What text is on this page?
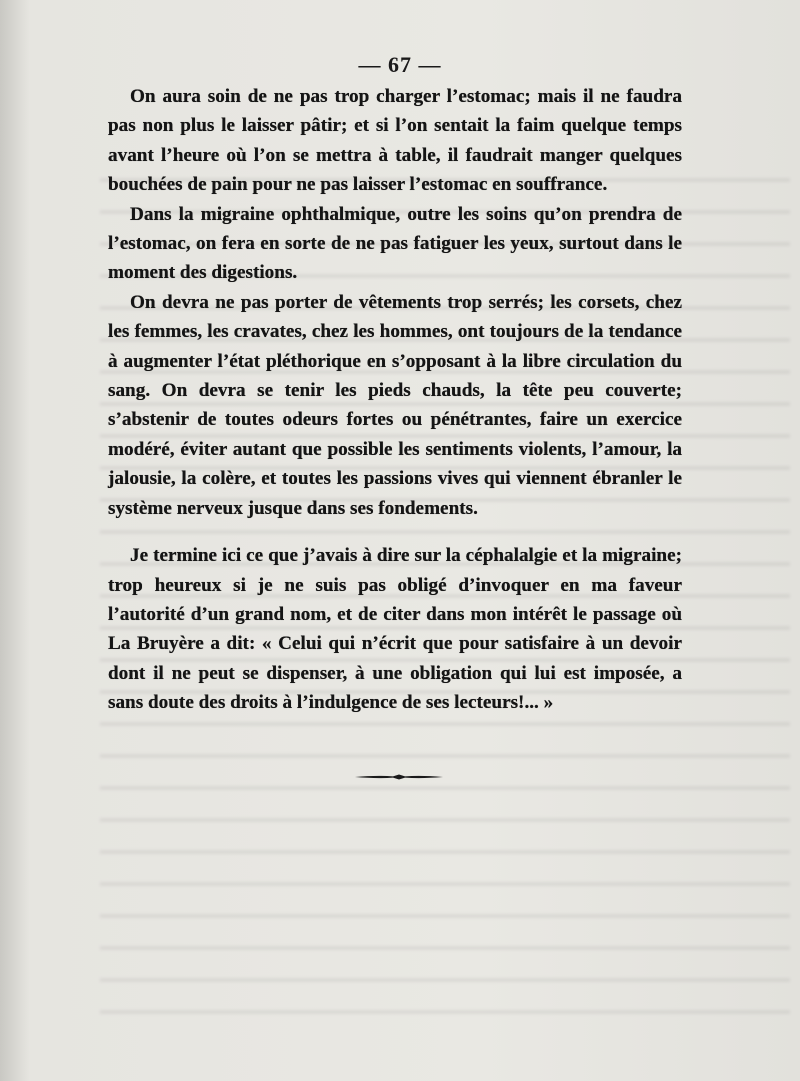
— 67 —

On aura soin de ne pas trop charger l’estomac; mais il ne faudra pas non plus le laisser pâtir; et si l’on sentait la faim quelque temps avant l’heure où l’on se mettra à table, il faudrait manger quelques bouchées de pain pour ne pas laisser l’estomac en souffrance.

Dans la migraine ophthalmique, outre les soins qu’on prendra de l’estomac, on fera en sorte de ne pas fatiguer les yeux, surtout dans le moment des digestions.

On devra ne pas porter de vêtements trop serrés; les corsets, chez les femmes, les cravates, chez les hommes, ont toujours de la tendance à augmenter l’état pléthorique en s’opposant à la libre circulation du sang. On devra se tenir les pieds chauds, la tête peu couverte; s’abstenir de toutes odeurs fortes ou pénétrantes, faire un exercice modéré, éviter autant que possible les sentiments violents, l’amour, la jalousie, la colère, et toutes les passions vives qui viennent ébranler le système nerveux jusque dans ses fondements.

Je termine ici ce que j’avais à dire sur la céphalalgie et la migraine; trop heureux si je ne suis pas obligé d’invoquer en ma faveur l’autorité d’un grand nom, et de citer dans mon intérêt le passage où La Bruyère a dit: « Celui qui n’écrit que pour satisfaire à un devoir dont il ne peut se dispenser, à une obligation qui lui est imposée, a sans doute des droits à l’indulgence de ses lecteurs!... »
